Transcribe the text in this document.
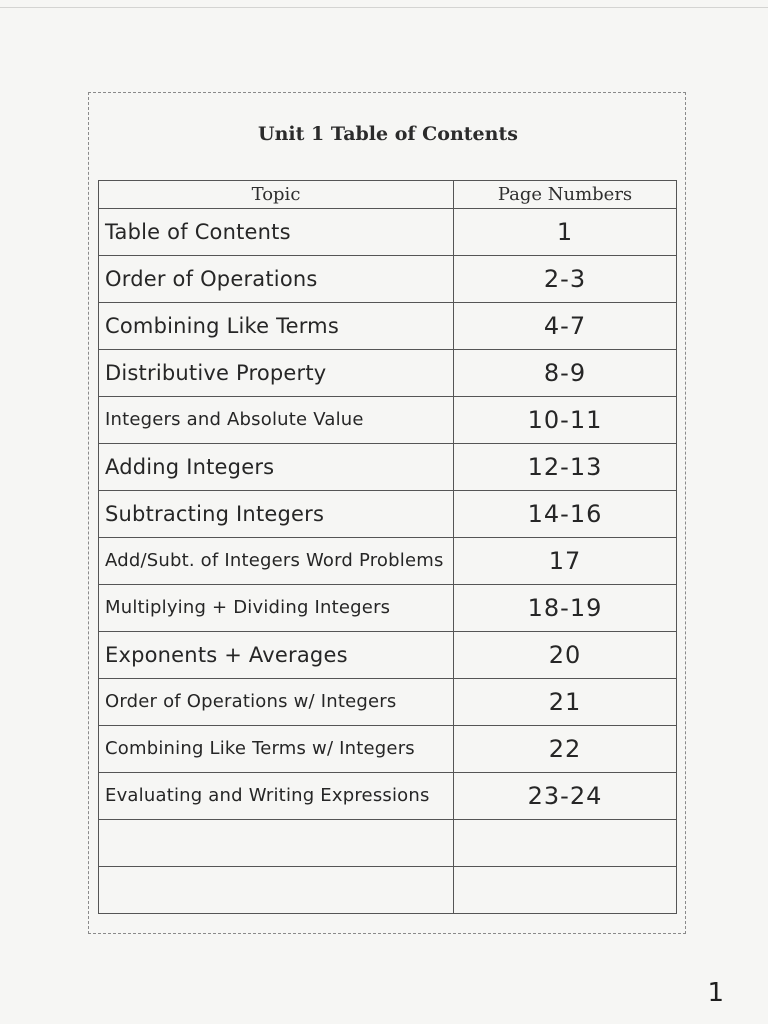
Unit 1 Table of Contents
Topic	Page Numbers
Table of Contents	1
Order of Operations	2-3
Combining Like Terms	4-7
Distributive Property	8-9
Integers and Absolute Value	10-11
Adding Integers	12-13
Subtracting Integers	14-16
Add/Subt. of Integers Word Problems	17
Multiplying + Dividing Integers	18-19
Exponents + Averages	20
Order of Operations w/ Integers	21
Combining Like Terms w/ Integers	22
Evaluating and Writing Expressions	23-24

1
